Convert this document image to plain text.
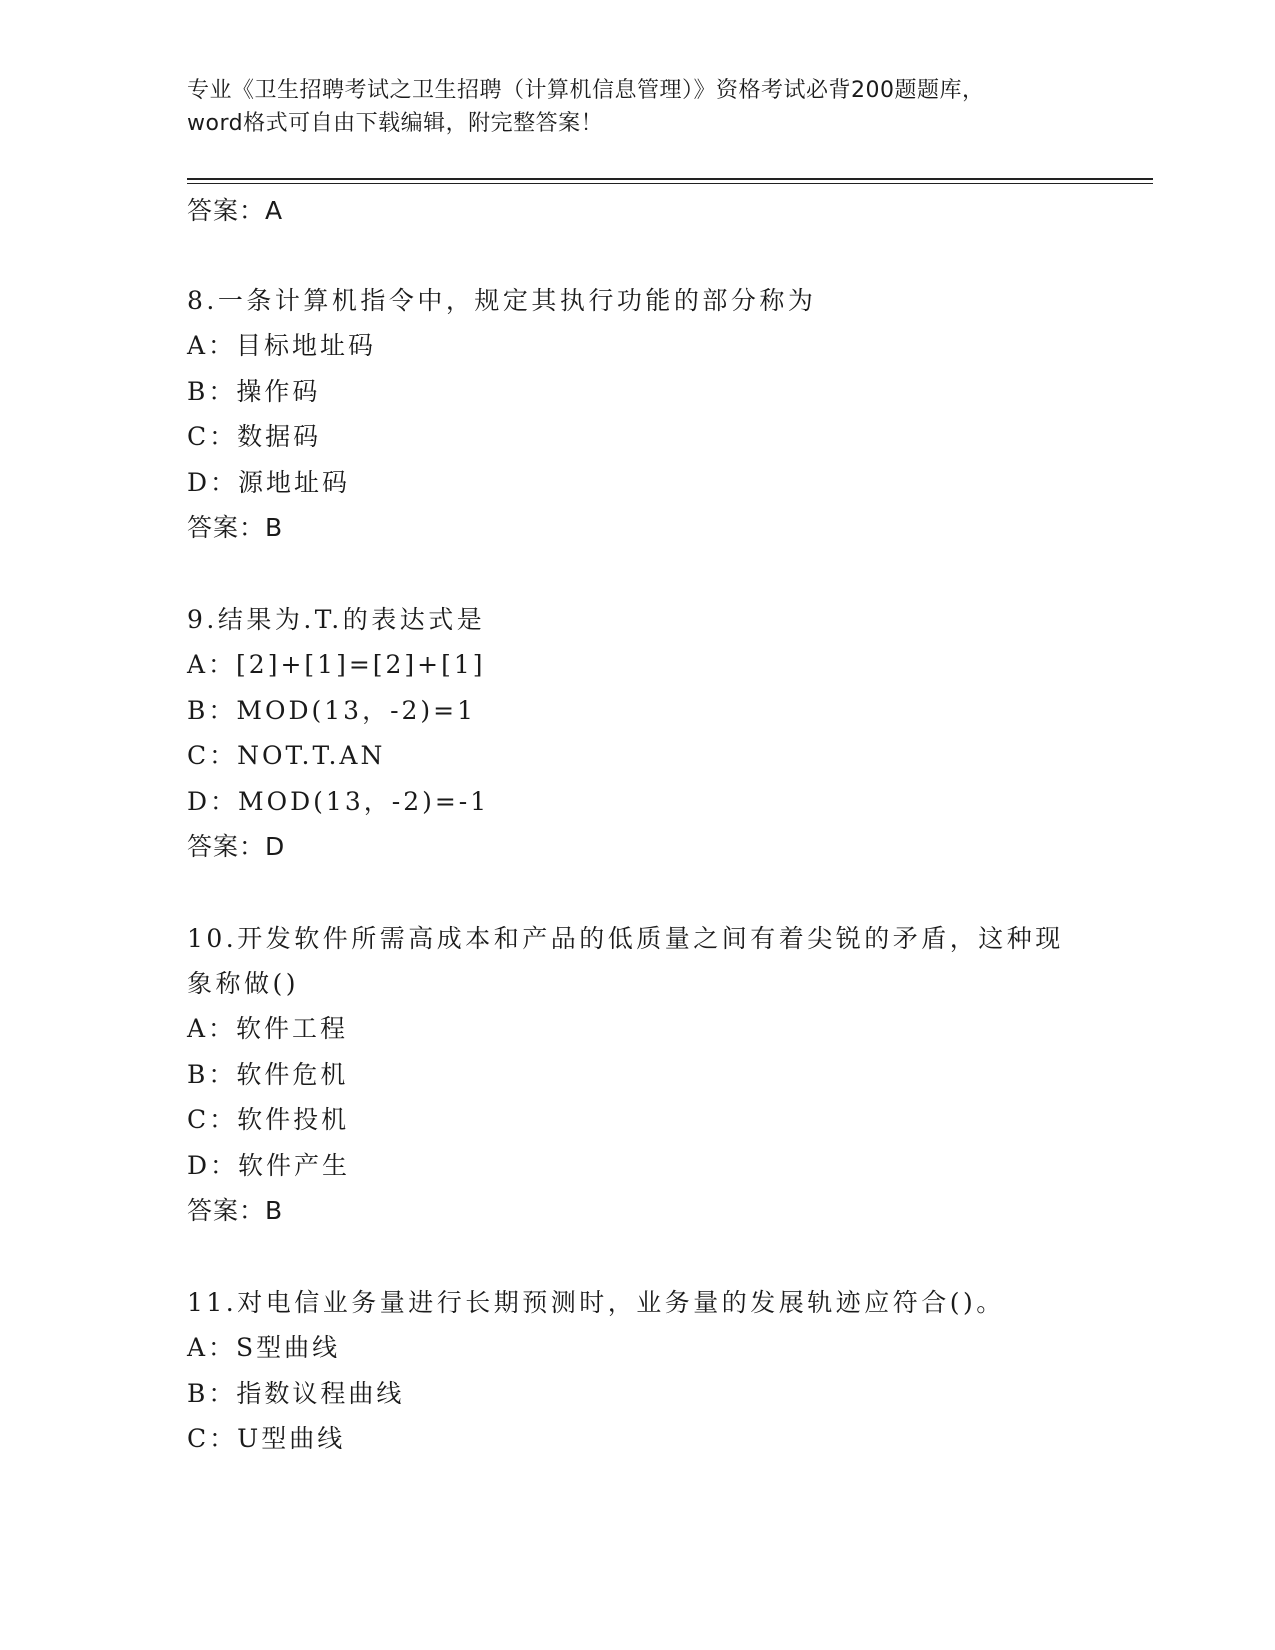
专业《卫生招聘考试之卫生招聘（计算机信息管理）》资格考试必背200题题库，
word格式可自由下载编辑，附完整答案！
答案：A
8.一条计算机指令中，规定其执行功能的部分称为
A：目标地址码
B：操作码
C：数据码
D：源地址码
答案：B
9.结果为.T.的表达式是
A：[2]+[1]=[2]+[1]
B：MOD(13，-2)=1
C：NOT.T.AN
D：MOD(13，-2)=-1
答案：D
10.开发软件所需高成本和产品的低质量之间有着尖锐的矛盾，这种现
象称做()
A：软件工程
B：软件危机
C：软件投机
D：软件产生
答案：B
11.对电信业务量进行长期预测时，业务量的发展轨迹应符合()。
A：S型曲线
B：指数议程曲线
C：U型曲线
